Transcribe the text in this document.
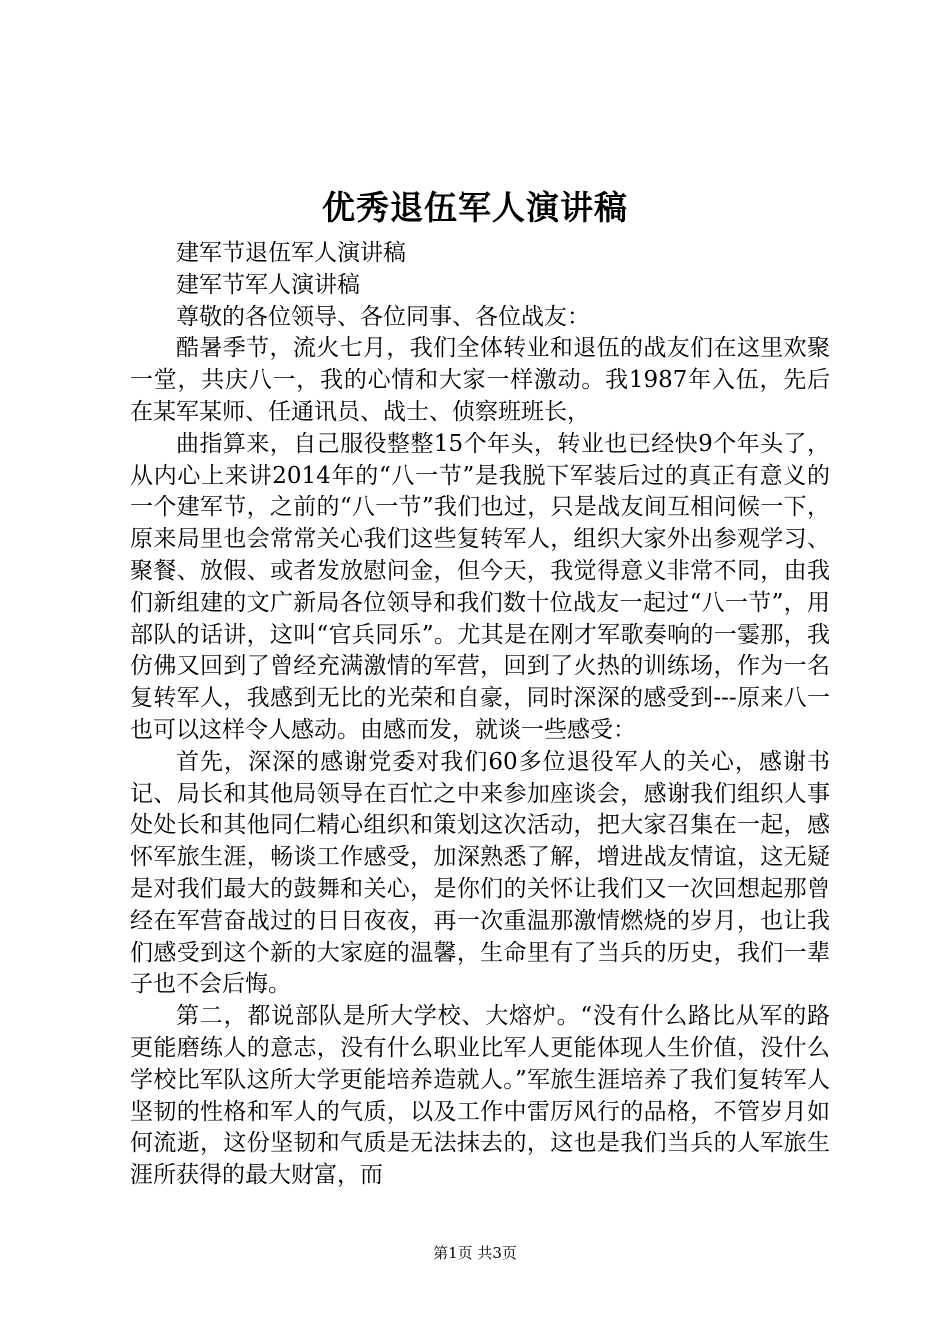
优秀退伍军人演讲稿

建军节退伍军人演讲稿

建军节军人演讲稿

尊敬的各位领导、各位同事、各位战友：

酷暑季节，流火七月，我们全体转业和退伍的战友们在这里欢聚一堂，共庆八一，我的心情和大家一样激动。我1987年入伍，先后在某军某师、任通讯员、战士、侦察班班长，

曲指算来，自己服役整整15个年头，转业也已经快9个年头了，从内心上来讲2014年的“八一节”是我脱下军装后过的真正有意义的一个建军节，之前的“八一节”我们也过，只是战友间互相问候一下，原来局里也会常常关心我们这些复转军人，组织大家外出参观学习、聚餐、放假、或者发放慰问金，但今天，我觉得意义非常不同，由我们新组建的文广新局各位领导和我们数十位战友一起过“八一节”，用部队的话讲，这叫“官兵同乐”。尤其是在刚才军歌奏响的一霎那，我仿佛又回到了曾经充满激情的军营，回到了火热的训练场，作为一名复转军人，我感到无比的光荣和自豪，同时深深的感受到---原来八一也可以这样令人感动。由感而发，就谈一些感受：

首先，深深的感谢党委对我们60多位退役军人的关心，感谢书记、局长和其他局领导在百忙之中来参加座谈会，感谢我们组织人事处处长和其他同仁精心组织和策划这次活动，把大家召集在一起，感怀军旅生涯，畅谈工作感受，加深熟悉了解，增进战友情谊，这无疑是对我们最大的鼓舞和关心，是你们的关怀让我们又一次回想起那曾经在军营奋战过的日日夜夜，再一次重温那激情燃烧的岁月，也让我们感受到这个新的大家庭的温馨，生命里有了当兵的历史，我们一辈子也不会后悔。

第二，都说部队是所大学校、大熔炉。“没有什么路比从军的路更能磨练人的意志，没有什么职业比军人更能体现人生价值，没什么学校比军队这所大学更能培养造就人。”军旅生涯培养了我们复转军人坚韧的性格和军人的气质，以及工作中雷厉风行的品格，不管岁月如何流逝，这份坚韧和气质是无法抹去的，这也是我们当兵的人军旅生涯所获得的最大财富，而

第1页 共3页
